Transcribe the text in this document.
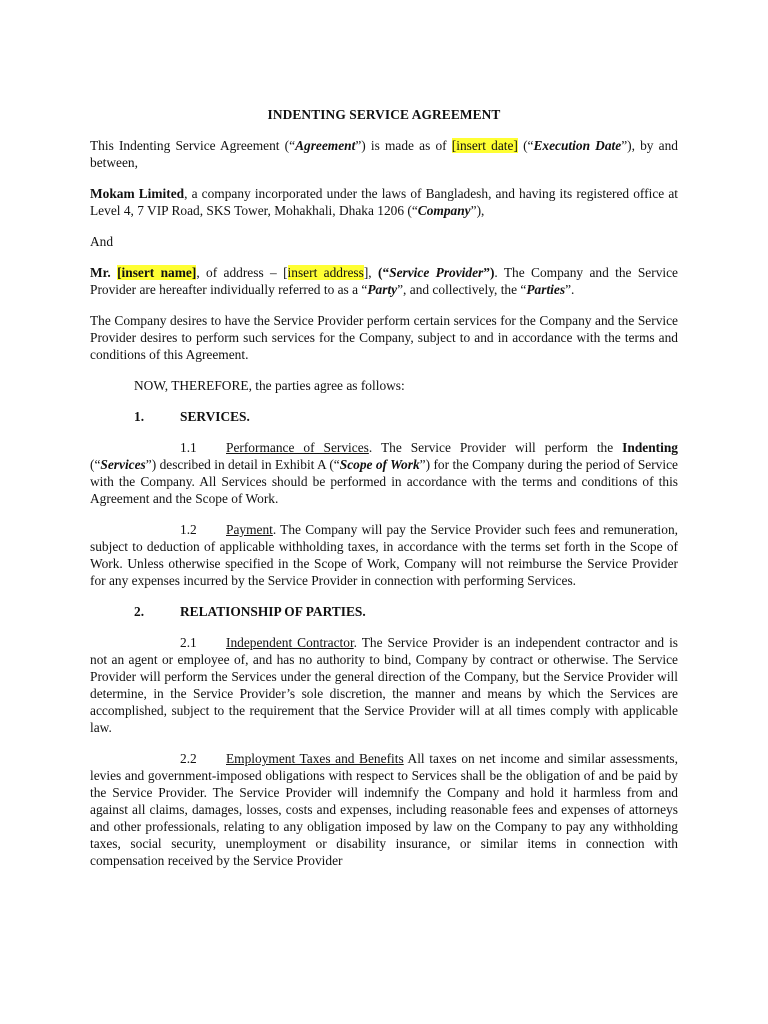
INDENTING SERVICE AGREEMENT

This Indenting Service Agreement (“Agreement”) is made as of [insert date] (“Execution Date”), by and between,

Mokam Limited, a company incorporated under the laws of Bangladesh, and having its registered office at Level 4, 7 VIP Road, SKS Tower, Mohakhali, Dhaka 1206 (“Company”),

And

Mr. [insert name], of address – [insert address], (“Service Provider”). The Company and the Service Provider are hereafter individually referred to as a “Party”, and collectively, the “Parties”.

The Company desires to have the Service Provider perform certain services for the Company and the Service Provider desires to perform such services for the Company, subject to and in accordance with the terms and conditions of this Agreement.

NOW, THEREFORE, the parties agree as follows:

1.	SERVICES.

1.1 Performance of Services. The Service Provider will perform the Indenting (“Services”) described in detail in Exhibit A (“Scope of Work”) for the Company during the period of Service with the Company. All Services should be performed in accordance with the terms and conditions of this Agreement and the Scope of Work.

1.2 Payment. The Company will pay the Service Provider such fees and remuneration, subject to deduction of applicable withholding taxes, in accordance with the terms set forth in the Scope of Work. Unless otherwise specified in the Scope of Work, Company will not reimburse the Service Provider for any expenses incurred by the Service Provider in connection with performing Services.

2.	RELATIONSHIP OF PARTIES.

2.1 Independent Contractor. The Service Provider is an independent contractor and is not an agent or employee of, and has no authority to bind, Company by contract or otherwise. The Service Provider will perform the Services under the general direction of the Company, but the Service Provider will determine, in the Service Provider’s sole discretion, the manner and means by which the Services are accomplished, subject to the requirement that the Service Provider will at all times comply with applicable law.

2.2 Employment Taxes and Benefits All taxes on net income and similar assessments, levies and government-imposed obligations with respect to Services shall be the obligation of and be paid by the Service Provider. The Service Provider will indemnify the Company and hold it harmless from and against all claims, damages, losses, costs and expenses, including reasonable fees and expenses of attorneys and other professionals, relating to any obligation imposed by law on the Company to pay any withholding taxes, social security, unemployment or disability insurance, or similar items in connection with compensation received by the Service Provider
